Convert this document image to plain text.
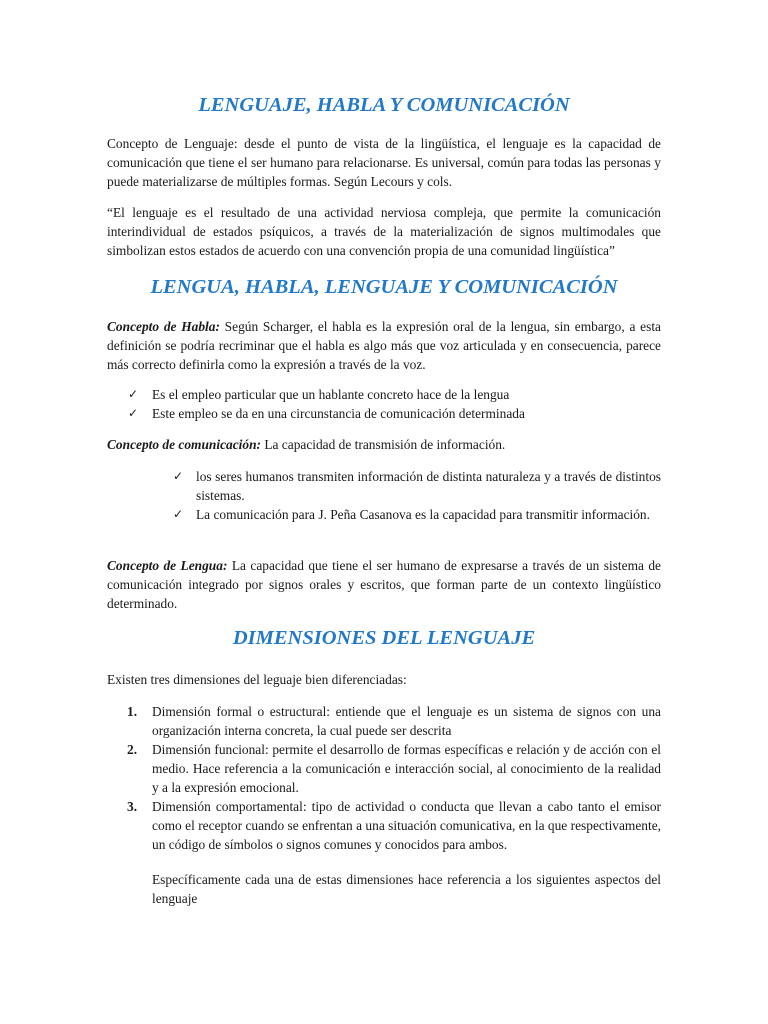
LENGUAJE, HABLA Y COMUNICACIÓN

Concepto de Lenguaje: desde el punto de vista de la lingüística, el lenguaje es la capacidad de comunicación que tiene el ser humano para relacionarse. Es universal, común para todas las personas y puede materializarse de múltiples formas. Según Lecours y cols.

“El lenguaje es el resultado de una actividad nerviosa compleja, que permite la comunicación interindividual de estados psíquicos, a través de la materialización de signos multimodales que simbolizan estos estados de acuerdo con una convención propia de una comunidad lingüística”

LENGUA, HABLA, LENGUAJE Y COMUNICACIÓN

Concepto de Habla: Según Scharger, el habla es la expresión oral de la lengua, sin embargo, a esta definición se podría recriminar que el habla es algo más que voz articulada y en consecuencia, parece más correcto definirla como la expresión a través de la voz.

✓ Es el empleo particular que un hablante concreto hace de la lengua
✓ Este empleo se da en una circunstancia de comunicación determinada

Concepto de comunicación: La capacidad de transmisión de información.

✓ los seres humanos transmiten información de distinta naturaleza y a través de distintos sistemas.
✓ La comunicación para J. Peña Casanova es la capacidad para transmitir información.

Concepto de Lengua: La capacidad que tiene el ser humano de expresarse a través de un sistema de comunicación integrado por signos orales y escritos, que forman parte de un contexto lingüístico determinado.

DIMENSIONES DEL LENGUAJE

Existen tres dimensiones del leguaje bien diferenciadas:

1. Dimensión formal o estructural: entiende que el lenguaje es un sistema de signos con una organización interna concreta, la cual puede ser descrita
2. Dimensión funcional: permite el desarrollo de formas específicas e relación y de acción con el medio. Hace referencia a la comunicación e interacción social, al conocimiento de la realidad y a la expresión emocional.
3. Dimensión comportamental: tipo de actividad o conducta que llevan a cabo tanto el emisor como el receptor cuando se enfrentan a una situación comunicativa, en la que respectivamente, un código de símbolos o signos comunes y conocidos para ambos.

Específicamente cada una de estas dimensiones hace referencia a los siguientes aspectos del lenguaje
